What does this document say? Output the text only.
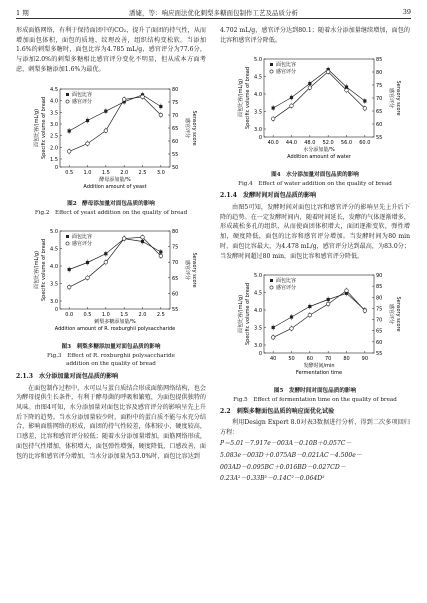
1 期	潘婕，等：响应面法优化刺梨多糖面包制作工艺及品质分析	39

形成面筋网络，有利于保持面团中的CO₂，提升了面团的持气性，从而增加面包体积，面包的质地、纹理改善，组织结构变松软。当添加1.6%的刺梨多糖时，面包比容为4.785 mL/g，感官评分为77.6分，与添加2.0%的刺梨多糖相比感官评分变化不明显，但从成本方面考虑，刺梨多糖添加1.6%为最优。

0
1.5
2.0
2.5
3.0
3.5
4.0
4.5
50
55
60
65
70
75
80
0.5 1.0 1.5 2.0 2.5 3.0
酵母添加量/%
Addition amount of yeast
面包比容/(mL/g) Specific volume of bread	感官评分 Sensory score
面包比容
感官评分
图2　酵母添加量对面包品质的影响
Fig.2　Effect of yeast addition on the quality of bread
0
3.0
3.5
4.0
4.5
5.0
55
60
65
70
75
80
0.0 0.5 1.0 1.5 2.0 2.5
刺梨多糖添加量/%
Addition amount of R. roxburghii polysaccharide
面包比容/(mL/g) Specific volume of bread	感官评分 Sensory score
面包比容
感官评分
图3　刺梨多糖添加量对面包品质的影响
Fig.3　Effect of R. roxburghii polysaccharide
addition on the quality of bread
2.1.3　水分添加量对面包品质的影响

在面包制作过程中，水可以与蛋白质结合形成面筋网络结构，也会为酵母提供生长条件，有利于酵母菌的呼吸和繁殖，为面包提供独特的风味。由图4可知，水分添加量对面包比容及感官评分的影响呈先上升后下降的趋势。当水分添加量较少时，面粉中的蛋白质不能与水充分结合，影响面筋网络的形成，面团的持气性较差，体积较小，硬度较高，口感差，比容和感官评分较低；随着水分添加量增加，面筋网络形成，面包持气性增加，体积增大，面包弹性增强，硬度降低，口感改善，面包的比容和感官评分增加，当水分添加量为53.0%时，面包比容达到

4.702 mL/g，感官评分达到80.1；随着水分添加量继续增加，面包的比容和感官评分降低。

0
3.0
3.5
4.0
4.5
5.0
55
60
65
70
75
80
85
40.0 44.0 48.0 52.0 56.0 60.0
水分添加量/%
Addition amount of water
面包比容/(mL/g) Specific volume of bread	感官评分 Sensory score
面包比容
感官评分
图4　水分添加量对面包品质的影响
Fig.4　Effect of water addition on the quality of bread
2.1.4　发酵时间对面包品质的影响

由图5可知，发酵时间对面包比容和感官评分的影响呈先上升后下降的趋势。在一定发酵时间内，随着时间延长，发酵的气体逐渐增多，形成疏松多孔的组织，从而使面团体积增大，面团逐渐变软，弹性增加，硬度降低，面包的比容和感官评分增加。当发酵时间为80 min时，面包比容最大，为4.478 mL/g，感官评分达到最高，为83.0分；当发酵时间超过80 min，面包比容和感官评分降低。

0
3.0
3.5
4.0
4.5
5.0
55
60
65
70
75
80
85
90
40 50 60 70 80 90
发酵时间/min
Fermentation time
面包比容/(mL/g) Specific volume of bread	感官评分 Sensory score
面包比容
感官评分
图5　发酵时间对面包品质的影响
Fig.5　Effect of fermentation time on the quality of bread
2.2　刺梨多糖面包品质的响应面优化试验

利用Design Expert 8.0对表3数据进行分析，得到二次多项回归方程：

P＝5.01－7.917e－003A－0.10B＋0.057C－
5.083e－003D＋0.075AB－0.021AC－4.500e－
003AD－0.095BC＋0.016BD－0.027CD－
0.23A²－0.33B²－0.14C²－0.064D²
